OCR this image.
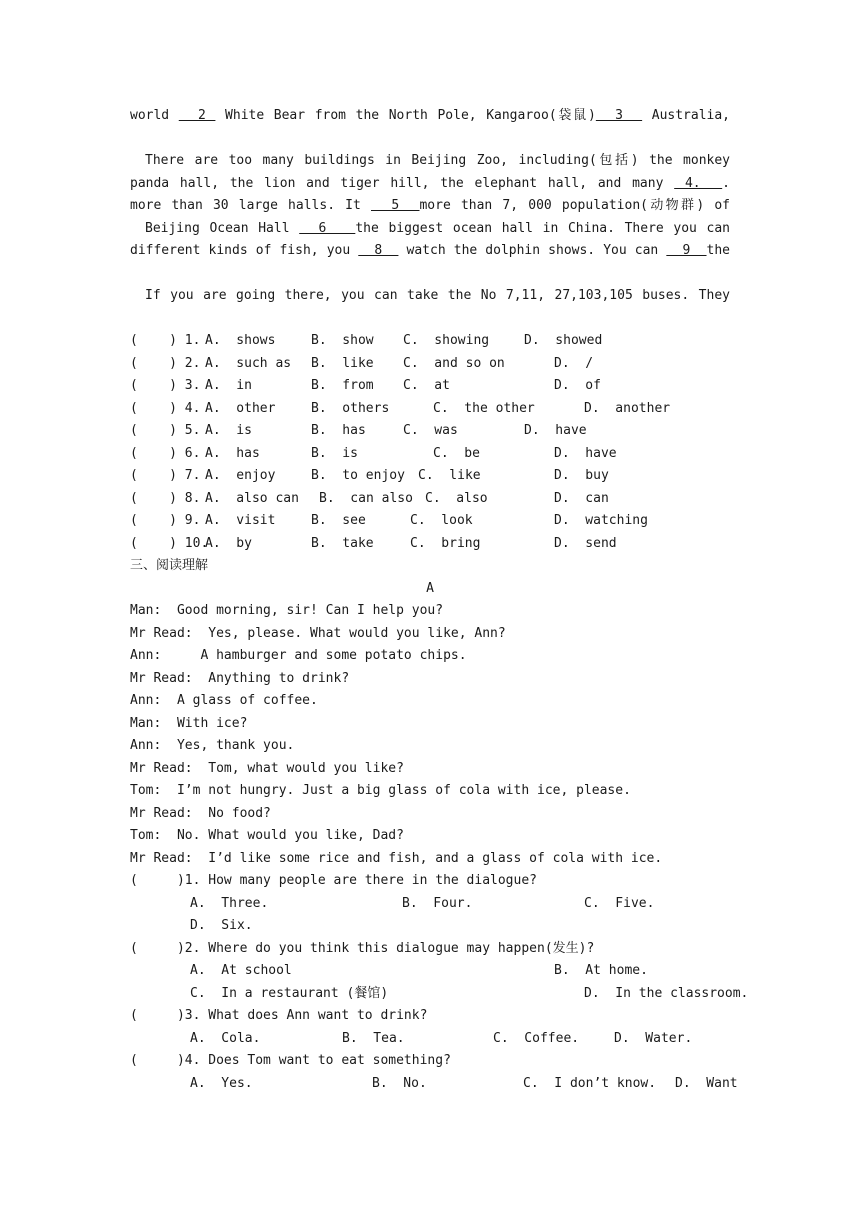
world   2  White Bear from the North Pole, Kangaroo(袋鼠)  3   Australia,

There are too many buildings in Beijing Zoo, including(包括) the monkey
panda hall, the lion and tiger hill, the elephant hall, and many  4.  .
more than 30 large halls. It   5  more than 7, 000 population(动物群) of
Beijing Ocean Hall   6   the biggest ocean hall in China. There you can
different kinds of fish, you   8   watch the dolphin shows. You can   9  the

If you are going there, you can take the No 7,11, 27,103,105 buses. They

(    ) 1. A.  shows	B.  show C.  showing	D.  showed
(    ) 2. A.  such as B.  like C.  and so on	D.  /
(    ) 3. A.  in	B.  from C.  at	D.  of
(    ) 4. A.  other	B.  others	C.  the other	D.  another
(    ) 5. A.  is	B.  has	C.  was	D.  have
(    ) 6. A.  has	B.  is	C.  be	D.  have
(    ) 7. A.  enjoy	B.  to enjoy C.  like	D.  buy
(    ) 8. A.  also can B.  can also C.  also	D.  can
(    ) 9. A.  visit	B.  see	C.  look	D.  watching
(    ) 10.
A.  by	B.  take	C.  bring	D.  send
三、阅读理解
A
Man:  Good morning, sir! Can I help you?
Mr Read:  Yes, please. What would you like, Ann?
Ann:     A hamburger and some potato chips.
Mr Read:  Anything to drink?
Ann:  A glass of coffee.
Man:  With ice?
Ann:  Yes, thank you.
Mr Read:  Tom, what would you like?
Tom:  I’m not hungry. Just a big glass of cola with ice, please.
Mr Read:  No food?
Tom:  No. What would you like, Dad?
Mr Read:  I’d like some rice and fish, and a glass of cola with ice.
(     )1. How many people are there in the dialogue?
A.  Three.	B.  Four.	C.  Five.
D.  Six.
(     )2. Where do you think this dialogue may happen(发生)?
A.  At school	B.  At home.
C.  In a restaurant (餐馆)	D.  In the classroom.
(     )3. What does Ann want to drink?
A.  Cola.	B.  Tea.	C.  Coffee.	D.  Water.
(     )4. Does Tom want to eat something?
A.  Yes.	B.  No.	C.  I don’t know. D.  Want
